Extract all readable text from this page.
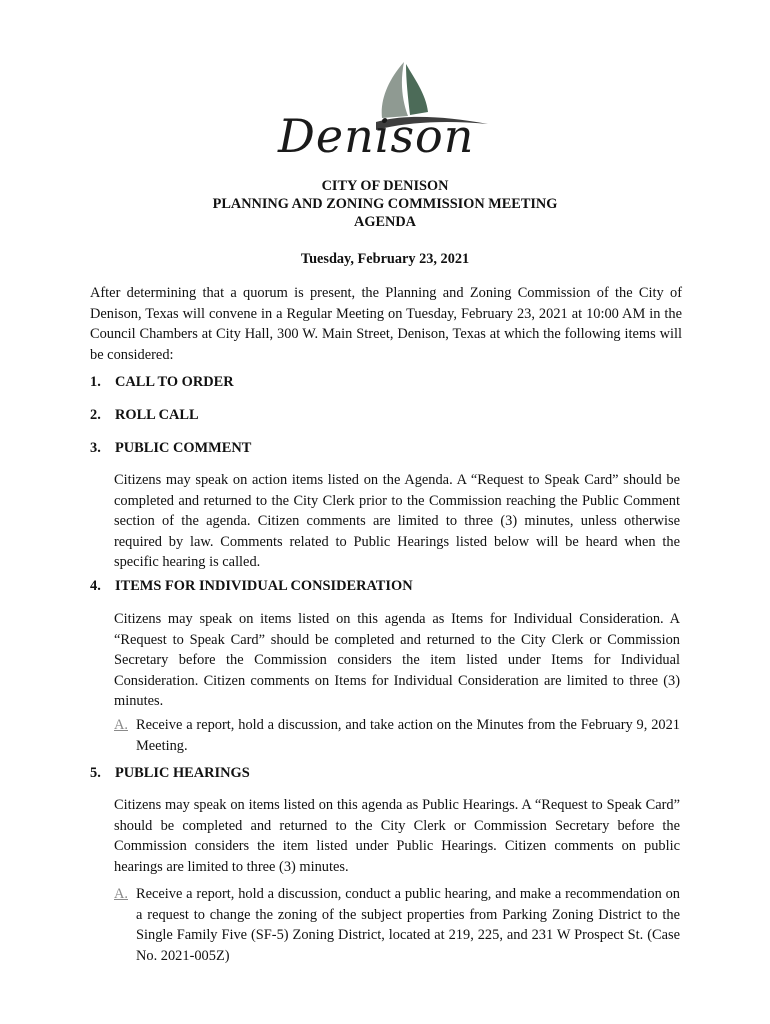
Denison
CITY OF DENISON
PLANNING AND ZONING COMMISSION MEETING
AGENDA
Tuesday, February 23, 2021
After determining that a quorum is present, the Planning and Zoning Commission of the City of Denison, Texas will convene in a Regular Meeting on Tuesday, February 23, 2021 at 10:00 AM in the Council Chambers at City Hall, 300 W. Main Street, Denison, Texas at which the following items will be considered:
1. CALL TO ORDER
2. ROLL CALL
3. PUBLIC COMMENT
Citizens may speak on action items listed on the Agenda. A “Request to Speak Card” should be completed and returned to the City Clerk prior to the Commission reaching the Public Comment section of the agenda. Citizen comments are limited to three (3) minutes, unless otherwise required by law. Comments related to Public Hearings listed below will be heard when the specific hearing is called.
4. ITEMS FOR INDIVIDUAL CONSIDERATION
Citizens may speak on items listed on this agenda as Items for Individual Consideration. A “Request to Speak Card” should be completed and returned to the City Clerk or Commission Secretary before the Commission considers the item listed under Items for Individual Consideration. Citizen comments on Items for Individual Consideration are limited to three (3) minutes.
A. Receive a report, hold a discussion, and take action on the Minutes from the February 9, 2021 Meeting.
5. PUBLIC HEARINGS
Citizens may speak on items listed on this agenda as Public Hearings. A “Request to Speak Card” should be completed and returned to the City Clerk or Commission Secretary before the Commission considers the item listed under Public Hearings. Citizen comments on public hearings are limited to three (3) minutes.
A. Receive a report, hold a discussion, conduct a public hearing, and make a recommendation on a request to change the zoning of the subject properties from Parking Zoning District to the Single Family Five (SF-5) Zoning District, located at 219, 225, and 231 W Prospect St. (Case No. 2021-005Z)
